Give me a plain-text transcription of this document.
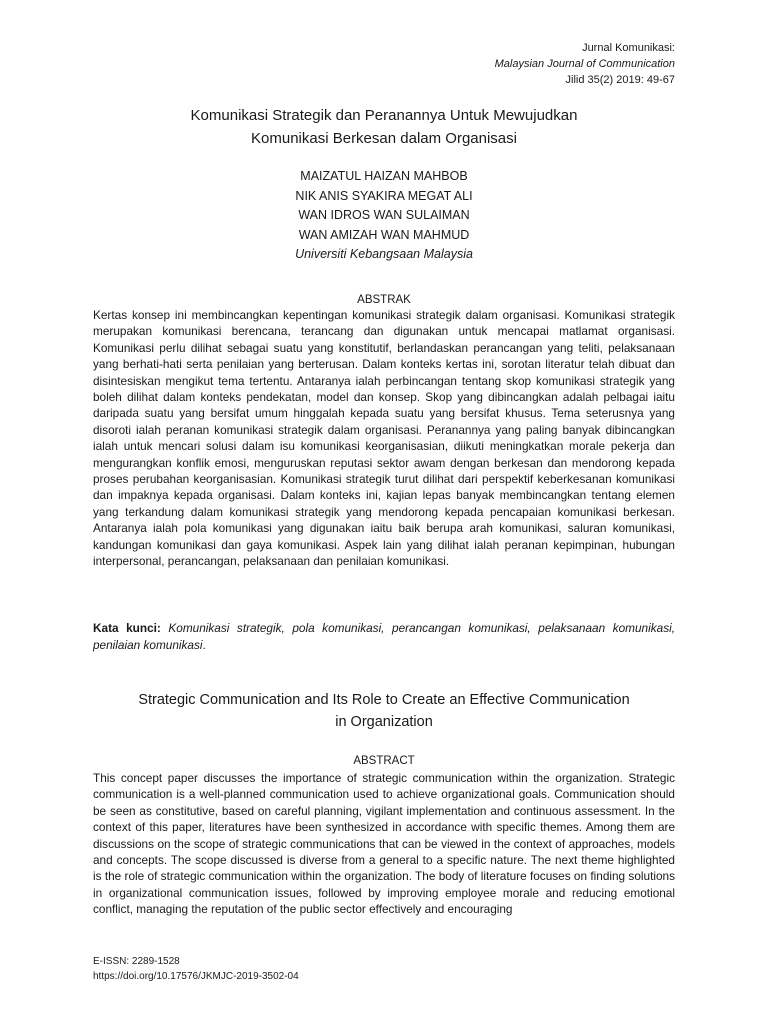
Jurnal Komunikasi:
Malaysian Journal of Communication
Jilid 35(2) 2019: 49-67
Komunikasi Strategik dan Peranannya Untuk Mewujudkan
Komunikasi Berkesan dalam Organisasi
MAIZATUL HAIZAN MAHBOB
NIK ANIS SYAKIRA MEGAT ALI
WAN IDROS WAN SULAIMAN
WAN AMIZAH WAN MAHMUD
Universiti Kebangsaan Malaysia
ABSTRAK
Kertas konsep ini membincangkan kepentingan komunikasi strategik dalam organisasi. Komunikasi strategik merupakan komunikasi berencana, terancang dan digunakan untuk mencapai matlamat organisasi. Komunikasi perlu dilihat sebagai suatu yang konstitutif, berlandaskan perancangan yang teliti, pelaksanaan yang berhati-hati serta penilaian yang berterusan. Dalam konteks kertas ini, sorotan literatur telah dibuat dan disintesiskan mengikut tema tertentu. Antaranya ialah perbincangan tentang skop komunikasi strategik yang boleh dilihat dalam konteks pendekatan, model dan konsep. Skop yang dibincangkan adalah pelbagai iaitu daripada suatu yang bersifat umum hinggalah kepada suatu yang bersifat khusus. Tema seterusnya yang disoroti ialah peranan komunikasi strategik dalam organisasi. Peranannya yang paling banyak dibincangkan ialah untuk mencari solusi dalam isu komunikasi keorganisasian, diikuti meningkatkan morale pekerja dan mengurangkan konflik emosi, menguruskan reputasi sektor awam dengan berkesan dan mendorong kepada proses perubahan keorganisasian. Komunikasi strategik turut dilihat dari perspektif keberkesanan komunikasi dan impaknya kepada organisasi. Dalam konteks ini, kajian lepas banyak membincangkan tentang elemen yang terkandung dalam komunikasi strategik yang mendorong kepada pencapaian komunikasi berkesan. Antaranya ialah pola komunikasi yang digunakan iaitu baik berupa arah komunikasi, saluran komunikasi, kandungan komunikasi dan gaya komunikasi. Aspek lain yang dilihat ialah peranan kepimpinan, hubungan interpersonal, perancangan, pelaksanaan dan penilaian komunikasi.
Kata kunci: Komunikasi strategik, pola komunikasi, perancangan komunikasi, pelaksanaan komunikasi, penilaian komunikasi.
Strategic Communication and Its Role to Create an Effective Communication
in Organization
ABSTRACT
This concept paper discusses the importance of strategic communication within the organization. Strategic communication is a well-planned communication used to achieve organizational goals. Communication should be seen as constitutive, based on careful planning, vigilant implementation and continuous assessment. In the context of this paper, literatures have been synthesized in accordance with specific themes. Among them are discussions on the scope of strategic communications that can be viewed in the context of approaches, models and concepts. The scope discussed is diverse from a general to a specific nature. The next theme highlighted is the role of strategic communication within the organization. The body of literature focuses on finding solutions in organizational communication issues, followed by improving employee morale and reducing emotional conflict, managing the reputation of the public sector effectively and encouraging
E-ISSN: 2289-1528
https://doi.org/10.17576/JKMJC-2019-3502-04
